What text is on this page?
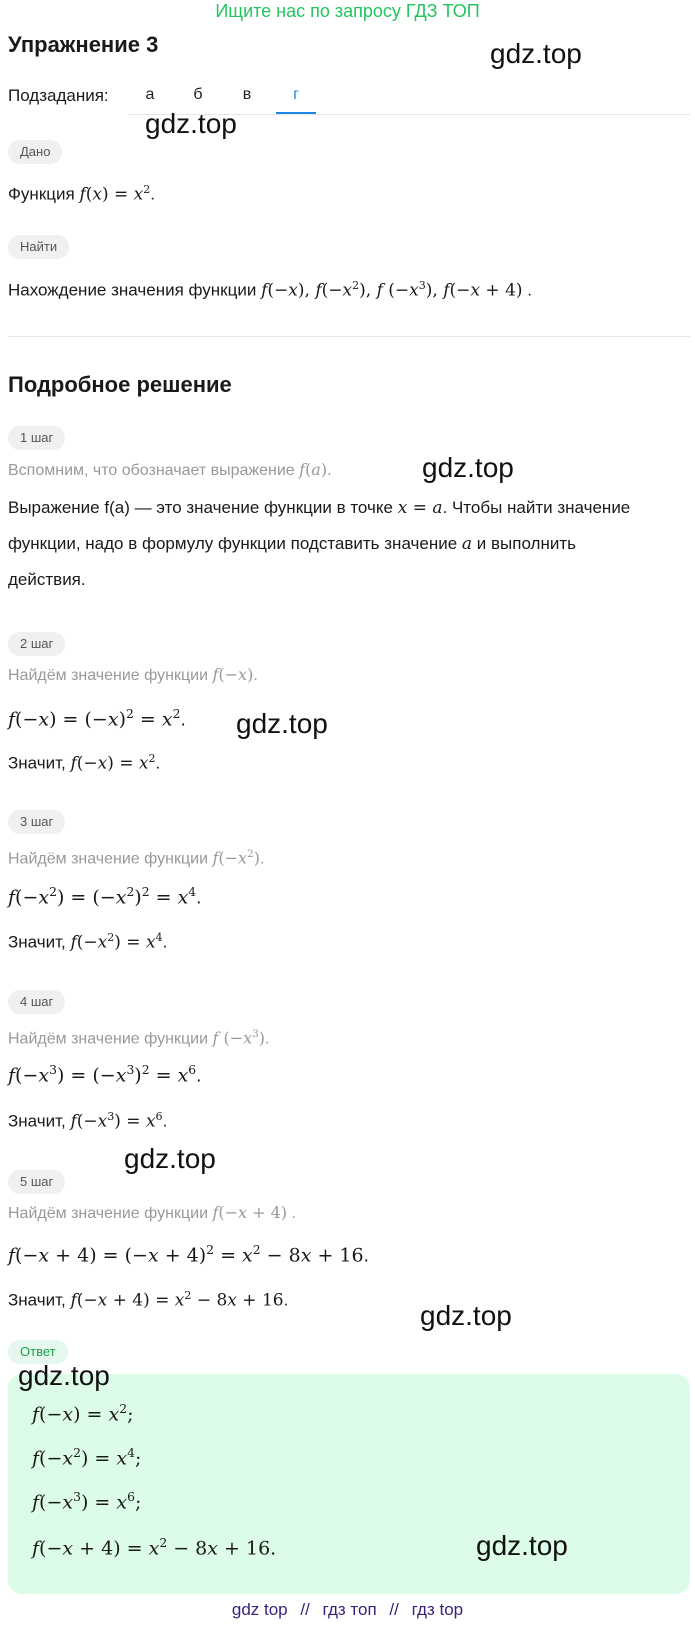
Ищите нас по запросу ГДЗ ТОП
Упражнение 3	gdz.top
Подзадания:	а	б	в	г
gdz.top
Дано
Функция $f(x) = x^2$.
Найти
Нахождение значения функции f(−x), $f(-x^2)$, f $(-x^3)$, f(−x + 4) .
Подробное решение
1 шаг
Вспомним, что обозначает выражение f(a).	gdz.top
Выражение f(a) — это значение функции в точке x = a. Чтобы найти значение
функции, надо в формулу функции подставить значение a и выполнить
действия.
2 шаг
Найдём значение функции f(−x).
$f(-x) = (-x)^2 = x^2$. gdz.top
Значит, $f(-x) = x^2$.
3 шаг
Найдём значение функции $f(-x^2)$.
$f(-x^2) = (-x^2)^2 = x^4$.
Значит, $f(-x^2) = x^4$.
4 шаг
Найдём значение функции f $(-x^3)$.
$f(-x^3) = (-x^3)^2 = x^6$.
Значит, $f(-x^3) = x^6$.
gdz.top
5 шаг
Найдём значение функции f(−x + 4) .
$f(-x + 4) = (-x + 4)^2 = x^2 - 8x + 16$.
Значит, $f(-x + 4) = x^2 - 8x + 16$.	gdz.top
Ответ
gdz.top
$f(-x) = x^2$;
$f(-x^2) = x^4$;
$f(-x^3) = x^6$;
$f(-x + 4) = x^2 - 8x + 16$.	gdz.top
gdz top // гдз топ // гдз top
